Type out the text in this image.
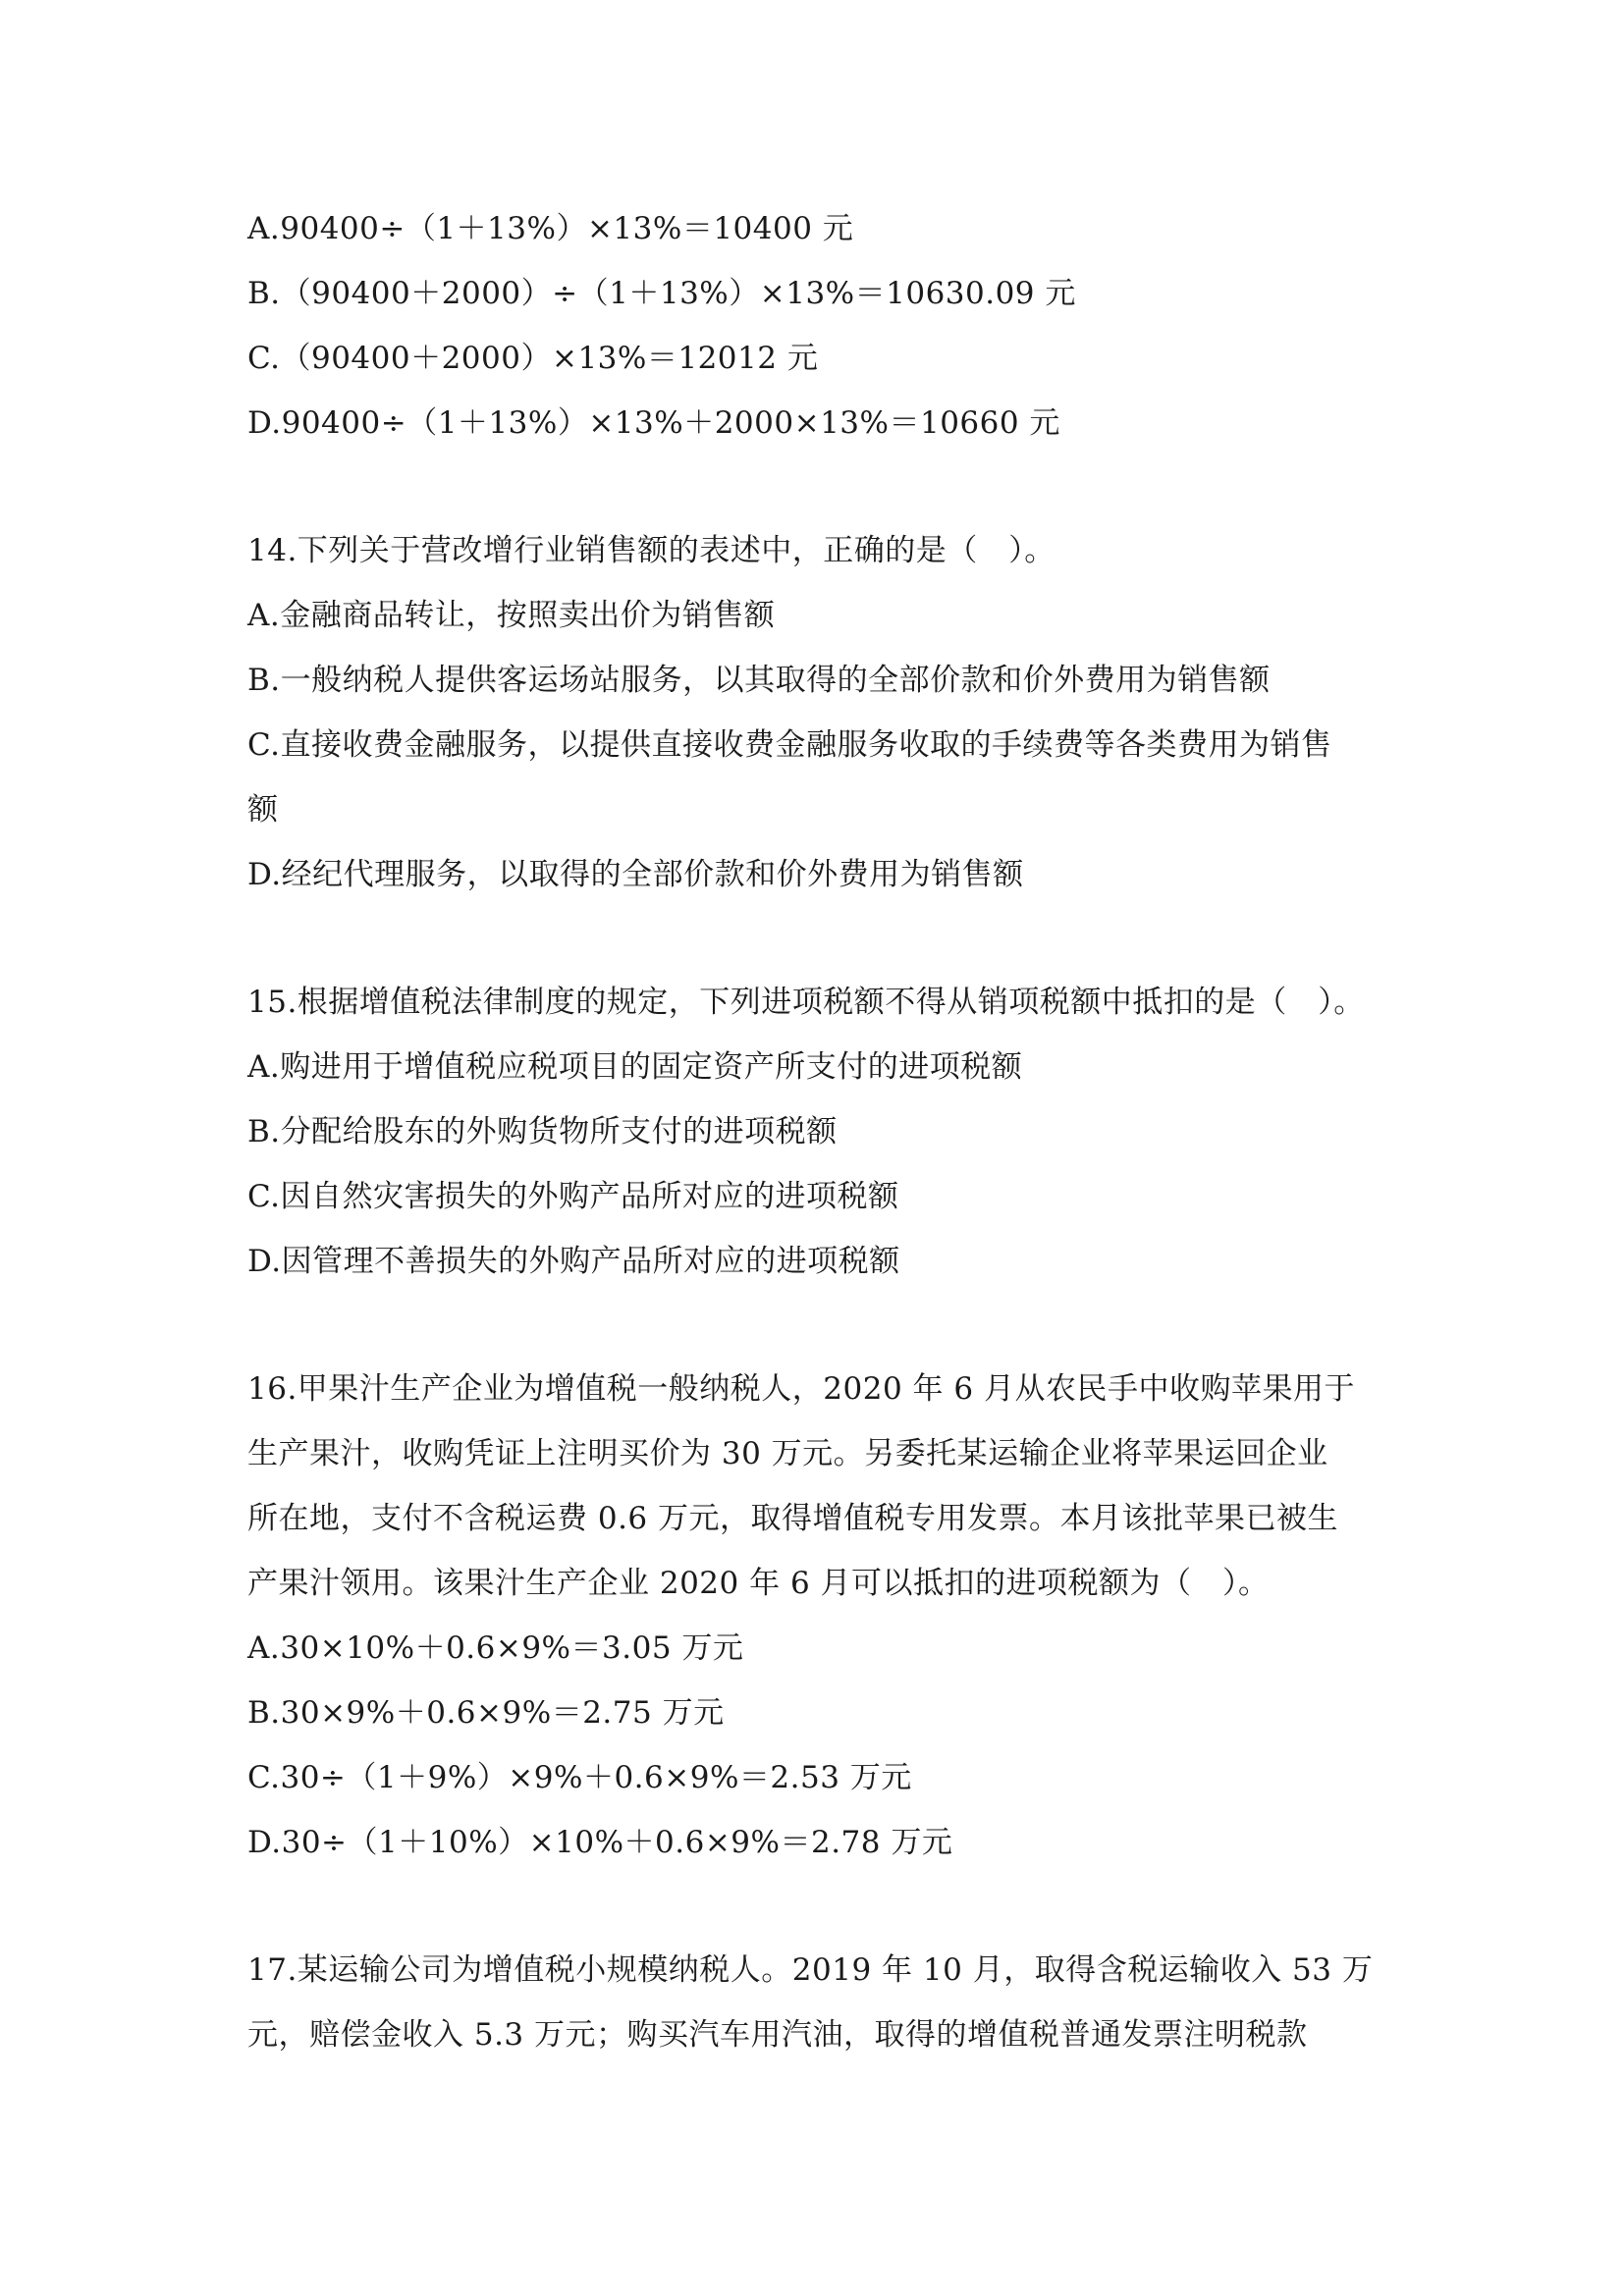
A.90400÷（1＋13%）×13%＝10400 元
B.（90400＋2000）÷（1＋13%）×13%＝10630.09 元
C.（90400＋2000）×13%＝12012 元
D.90400÷（1＋13%）×13%＋2000×13%＝10660 元
14.下列关于营改增行业销售额的表述中，正确的是（　）。
A.金融商品转让，按照卖出价为销售额
B.一般纳税人提供客运场站服务，以其取得的全部价款和价外费用为销售额
C.直接收费金融服务，以提供直接收费金融服务收取的手续费等各类费用为销售
额
D.经纪代理服务，以取得的全部价款和价外费用为销售额
15.根据增值税法律制度的规定，下列进项税额不得从销项税额中抵扣的是（　）。
A.购进用于增值税应税项目的固定资产所支付的进项税额
B.分配给股东的外购货物所支付的进项税额
C.因自然灾害损失的外购产品所对应的进项税额
D.因管理不善损失的外购产品所对应的进项税额
16.甲果汁生产企业为增值税一般纳税人，2020 年 6 月从农民手中收购苹果用于
生产果汁，收购凭证上注明买价为 30 万元。另委托某运输企业将苹果运回企业
所在地，支付不含税运费 0.6 万元，取得增值税专用发票。本月该批苹果已被生
产果汁领用。该果汁生产企业 2020 年 6 月可以抵扣的进项税额为（　）。
A.30×10%＋0.6×9%＝3.05 万元
B.30×9%＋0.6×9%＝2.75 万元
C.30÷（1＋9%）×9%＋0.6×9%＝2.53 万元
D.30÷（1＋10%）×10%＋0.6×9%＝2.78 万元
17.某运输公司为增值税小规模纳税人。2019 年 10 月，取得含税运输收入 53 万
元，赔偿金收入 5.3 万元；购买汽车用汽油，取得的增值税普通发票注明税款
